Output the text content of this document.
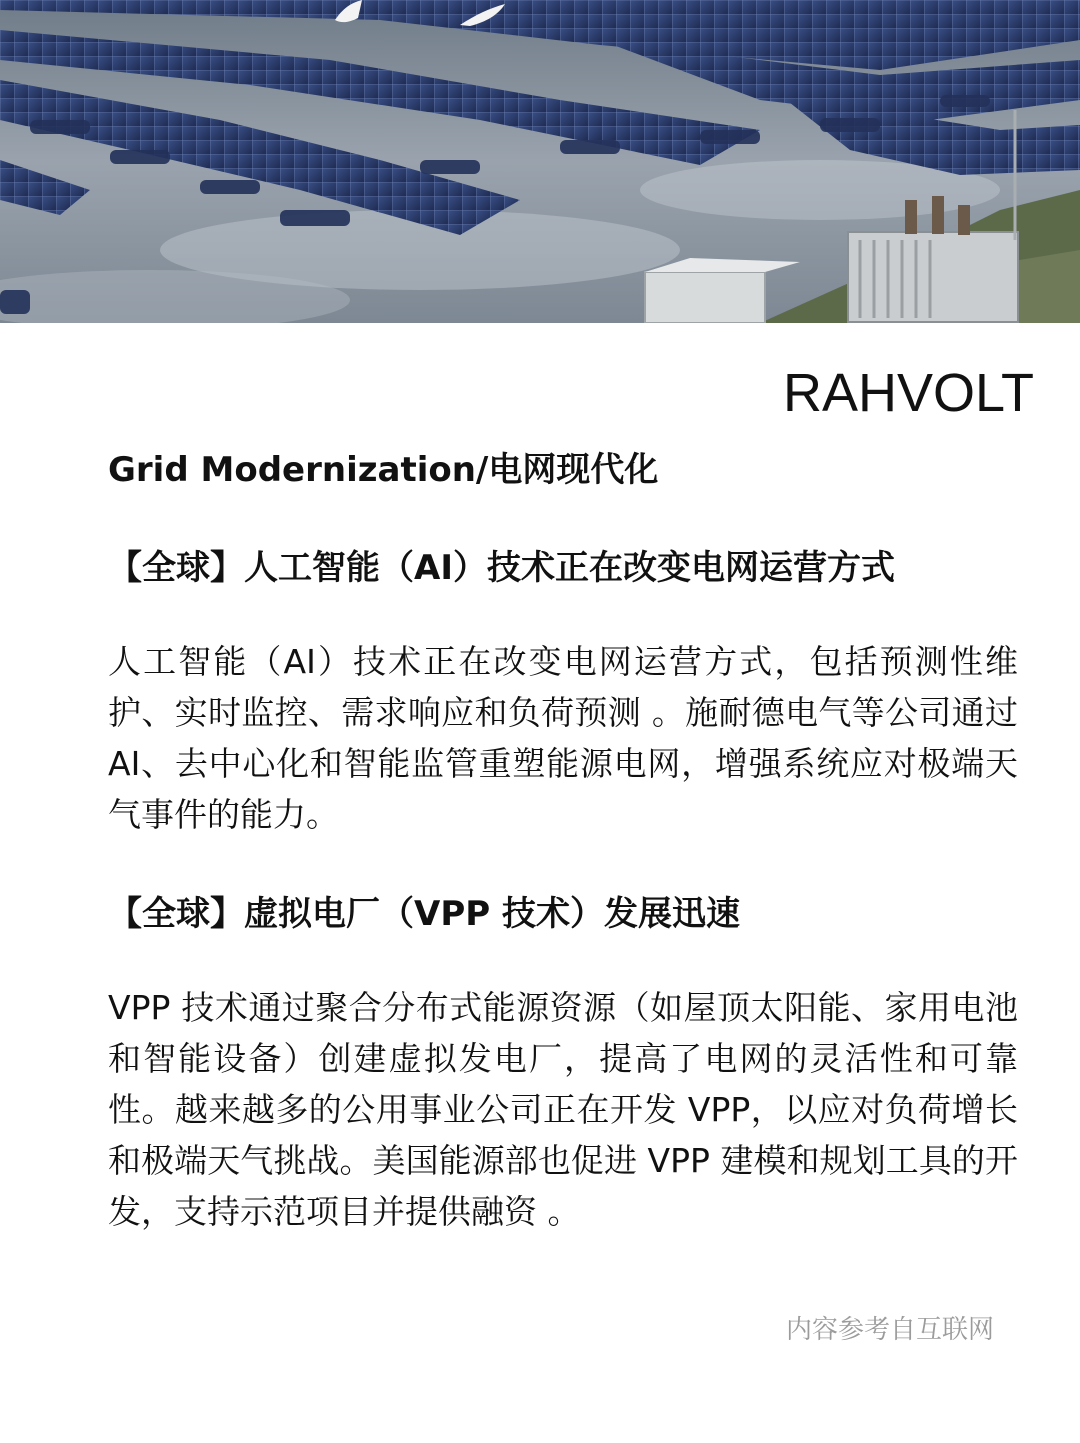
RAHVOLT
Grid Modernization/电网现代化
【全球】人工智能（AI）技术正在改变电网运营方式
人工智能（AI）技术正在改变电网运营方式，包括预测性维护、实时监控、需求响应和负荷预测 。施耐德电气等公司通过 AI、去中心化和智能监管重塑能源电网，增强系统应对极端天气事件的能力。
【全球】虚拟电厂（VPP 技术）发展迅速
VPP 技术通过聚合分布式能源资源（如屋顶太阳能、家用电池和智能设备）创建虚拟发电厂，提高了电网的灵活性和可靠性。越来越多的公用事业公司正在开发 VPP，以应对负荷增长和极端天气挑战。美国能源部也促进 VPP 建模和规划工具的开发，支持示范项目并提供融资 。
内容参考自互联网
